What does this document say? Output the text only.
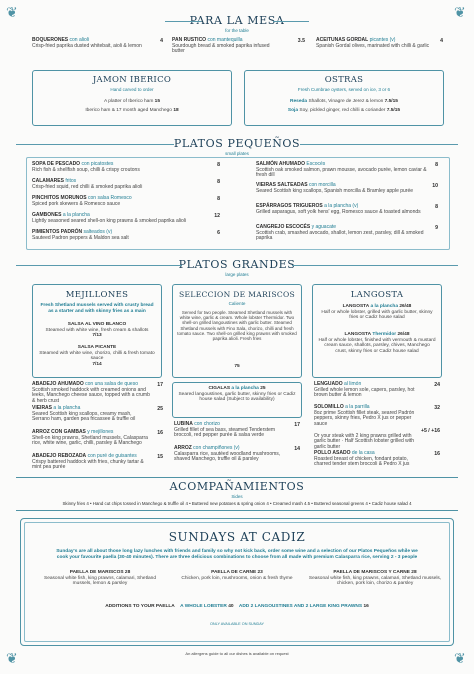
❦	❦
❦	❦
PARA LA MESA
for the table
BOQUERONES con alioli
Crisp-fried paprika dusted whitebait, aioli & lemon
4 PAN RUSTICO con mantequilla
Sourdough bread & smoked paprika infused butter
3.5 ACEITUNAS GORDAL picantes (v)
Spanish Gordal olives, marinated with chilli & garlic
4
JAMON IBERICO
Hand carved to order
A platter of Iberico ham 15
Iberico ham & 17 month aged Manchego 18
OSTRAS
Fresh Cumbrae oysters, served on ice, 3 or 6
Reseda Shallots, Vinagre de Jerez & lemon 7.5/15
Soja Soy, pickled ginger, red chilli & coriander 7.5/15
PLATOS PEQUEÑOS
small plates
SOPA DE PESCADO con picatostes
Rich fish & shellfish soup, chilli & crispy croutons
8
CALAMARES fritos
Crisp-fried squid, red chilli & smoked paprika alioli
8
PINCHITOS MORUNOS con salsa Romesco
Spiced pork skewers & Romesco sauce
8
GAMBONES a la plancha
Lightly seasoned seared shell-on king prawns & smoked paprika alioli
12
PIMIENTOS PADRÓN salteados (v)
Sauteed Padron peppers & Maldon sea salt
6
SALMÓN AHUMADO Escocés
Scottish oak smoked salmon, prawn mousse, avocado purée, lemon caviar & fresh dill
8
VIEIRAS SALTEADAS con morcilla
Seared Scottish king scallops, Spanish morcilla & Bramley apple purée
10
ESPÁRRAGOS TRIGUEROS a la plancha (v)
Grilled asparagus, soft yolk hens' egg, Romesco sauce & toasted almonds
8
CANGREJO ESCOCÉS y aguacate
Scottish crab, smashed avocado, shallot, lemon zest, parsley, dill & smoked paprika
9
PLATOS GRANDES
large plates
MEJILLONES
Fresh Shetland mussels served with crusty bread as a starter and with skinny fries as a main
SALSA AL VINO BLANCO
Steamed with white wine, fresh cream & shallots
7/13
SALSA PICANTE
Steamed with white wine, chorizo, chilli & fresh tomato sauce
7/14
SELECCION DE MARISCOS
Caliente
Served for two people. Steamed Shetland mussels with white wine, garlic & cream. Whole lobster Thermidor. Two shell-on grilled langoustines with garlic butter. Steamed Shetland mussels with Fino Sala, chorizo, chilli and fresh tomato sauce. Two shell-on grilled king prawns with smoked paprika alioli. Fresh fries
75
LANGOSTA
LANGOSTA a la plancha 26/48
Half or whole lobster, grilled with garlic butter, skinny fries or Cadiz house salad
LANGOSTA Thermidor 26/48
Half or whole lobster, finished with vermouth & mustard cream sauce, shallots, parsley, chives, Manchego crust, skinny fries or Cadiz house salad
ABADEJO AHUMADO con una salsa de queso
Scottish smoked haddock with creamed onions and leeks, Manchego cheese sauce, topped with a crumb & herb crust
17
VIEIRAS a la plancha
Seared Scottish king scallops, creamy mash, Serrano ham, garden pea fricassee & truffle oil
25
ARROZ CON GAMBAS y mejillones
Shell-on king prawns, Shetland mussels, Calasparra rice, white wine, garlic, chilli, parsley & Manchego
16
ABADEJO REBOZADA con puré de guisantes
Crispy battered haddock with fries, chunky tartar & mint pea purée
15
CIGALAS a la plancha 25
Seared langoustines, garlic butter, skinny fries or Cadiz house salad (Subject to availability)
LUBINA con chorizo
Grilled fillet of sea bass, steamed Tenderstem broccoli, red pepper purée & salsa verde
17
ARROZ con champiñones (v)
Calasparra rice, sautéed woodland mushrooms, shaved Manchego, truffle oil & parsley
14
LENGUADO al limón
Grilled whole lemon sole, capers, parsley, hot brown butter & lemon
24
SOLOMILLO a la parrilla
8oz prime Scottish fillet steak, seared Padrón peppers, skinny fries, Pedro X jus or pepper sauce
32

Or your steak with 2 king prawns grilled with garlic butter · Half Scottish lobster grilled with garlic butter
+5 / +16
POLLO ASADO de la casa
Roasted breast of chicken, fondant potato, charred tender stem broccoli & Pedro X jus
16
ACOMPAÑAMIENTOS
Sides
Skinny fries 4 • Hand cut chips tossed in Manchego & truffle oil 4 • Buttered new potatoes & spring onion 4 • Creamed mash 4.5 • Buttered seasonal greens 4 • Cadiz house salad 4
SUNDAYS AT CADIZ
Sunday's are all about those long lazy lunches with friends and family so why not kick back, order some wine and a selection of our Platos Pequeños while we cook your favourite paella (30-40 minutes). There are three delicious combinations to choose from all made with premium Calasparra rice, serving 2 - 3 people
PAELLA DE MARISCOS 28
Seasonal white fish, king prawns, calamari, Shetland mussels, lemon & parsley
PAELLA DE CARNE 23
Chicken, pork loin, mushrooms, onion & fresh thyme
PAELLA DE MARISCOS Y CARNE 28
Seasonal white fish, king prawns, calamari, Shetland mussels, chicken, pork loin, chorizo & parsley
ADDITIONS TO YOUR PAELLA A WHOLE LOBSTER 40 ADD 2 LANGOUSTINES AND 2 LARGE KING PRAWNS 16
ONLY AVAILABLE ON SUNDAY
An allergens guide to all our dishes is available on request
